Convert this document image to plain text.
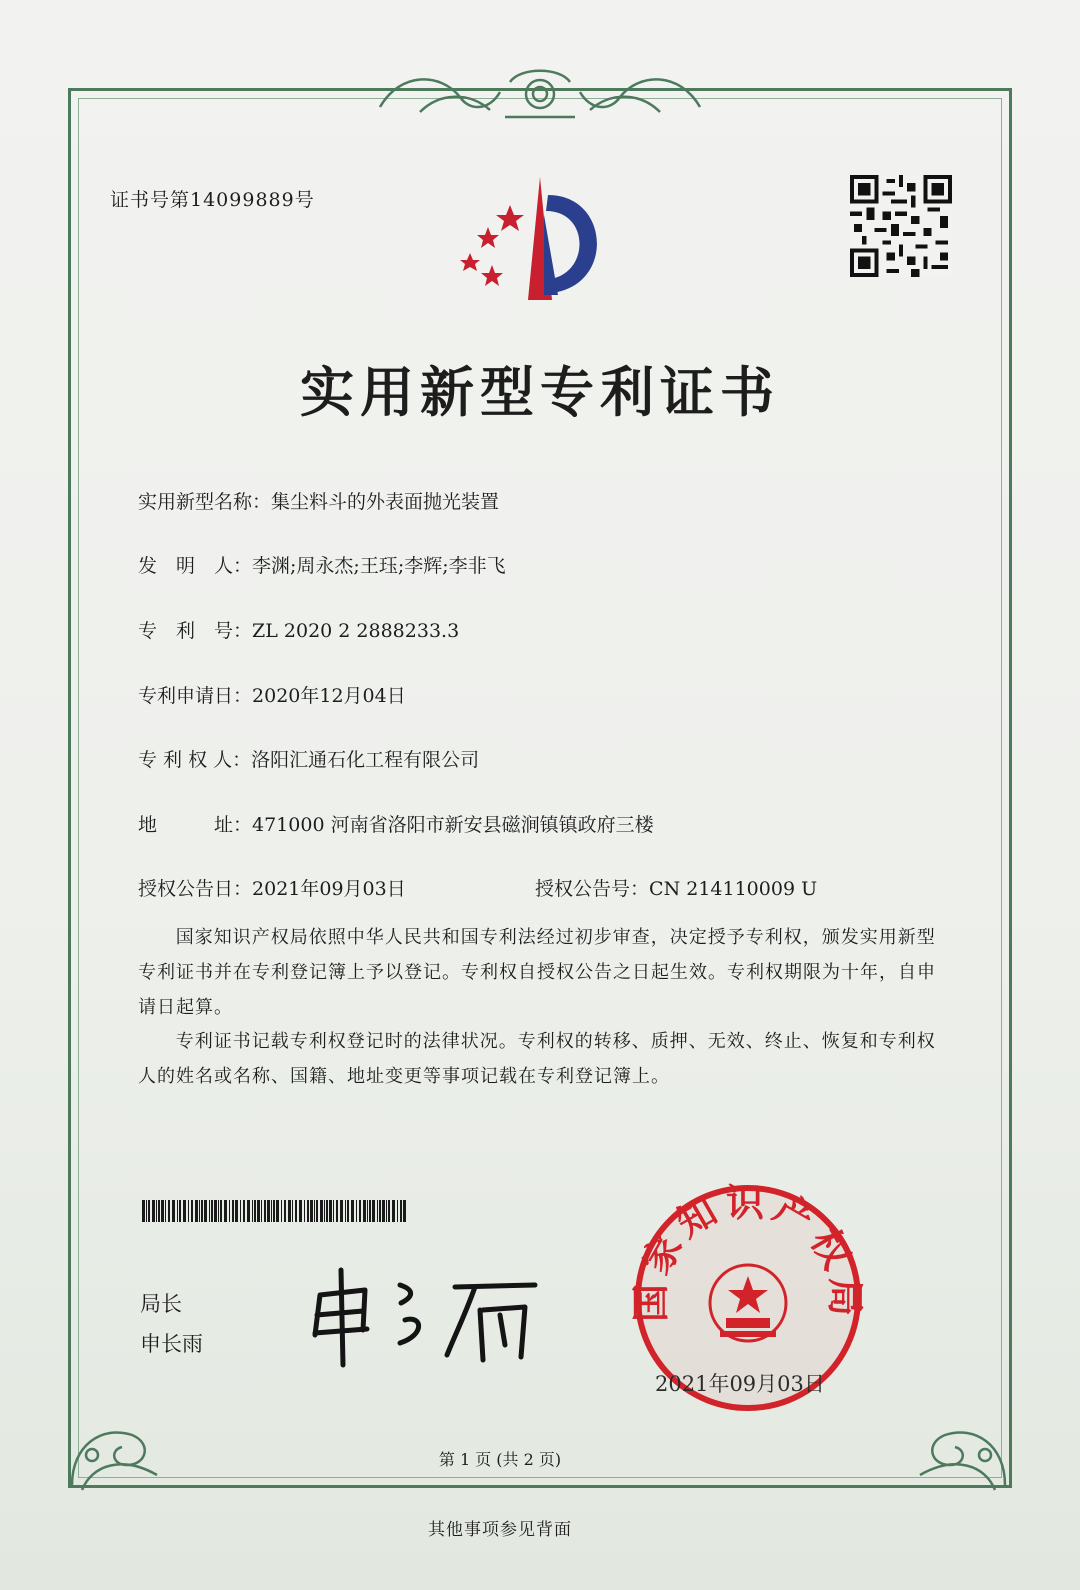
证书号第14099889号
实用新型专利证书
实用新型名称：集尘料斗的外表面抛光装置
发　明　人：李渊;周永杰;王珏;李辉;李非飞
专　利　号：ZL 2020 2 2888233.3
专利申请日：2020年12月04日
专 利 权 人：洛阳汇通石化工程有限公司
地　　　址：471000 河南省洛阳市新安县磁涧镇镇政府三楼
授权公告日：2021年09月03日	授权公告号：CN 214110009 U
国家知识产权局依照中华人民共和国专利法经过初步审查，决定授予专利权，颁发实用新型专利证书并在专利登记簿上予以登记。专利权自授权公告之日起生效。专利权期限为十年，自申请日起算。
专利证书记载专利权登记时的法律状况。专利权的转移、质押、无效、终止、恢复和专利权人的姓名或名称、国籍、地址变更等事项记载在专利登记簿上。
局长
申长雨
国家知识产权局
2021年09月03日
第 1 页 (共 2 页)
其他事项参见背面
